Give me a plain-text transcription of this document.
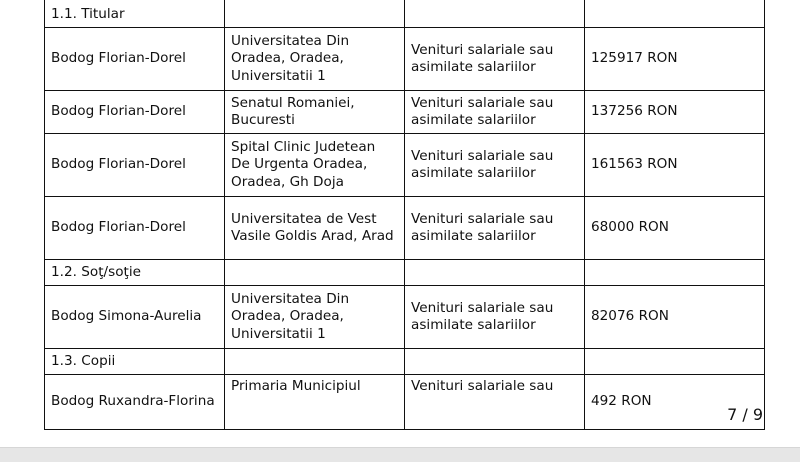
1.1. Titular			
Bodog Florian-Dorel	Universitatea Din Oradea, Oradea, Universitatii 1	Venituri salariale sau asimilate salariilor	125917 RON
Bodog Florian-Dorel	Senatul Romaniei, Bucuresti	Venituri salariale sau asimilate salariilor	137256 RON
Bodog Florian-Dorel	Spital Clinic Judetean De Urgenta Oradea, Oradea, Gh Doja	Venituri salariale sau asimilate salariilor	161563 RON
Bodog Florian-Dorel	Universitatea de Vest Vasile Goldis Arad, Arad	Venituri salariale sau asimilate salariilor	68000 RON
1.2. Soţ/soţie			
Bodog Simona-Aurelia	Universitatea Din Oradea, Oradea, Universitatii 1	Venituri salariale sau asimilate salariilor	82076 RON
1.3. Copii			
Bodog Ruxandra-Florina	Primaria Municipiul	Venituri salariale sau	492 RON
7 / 9
